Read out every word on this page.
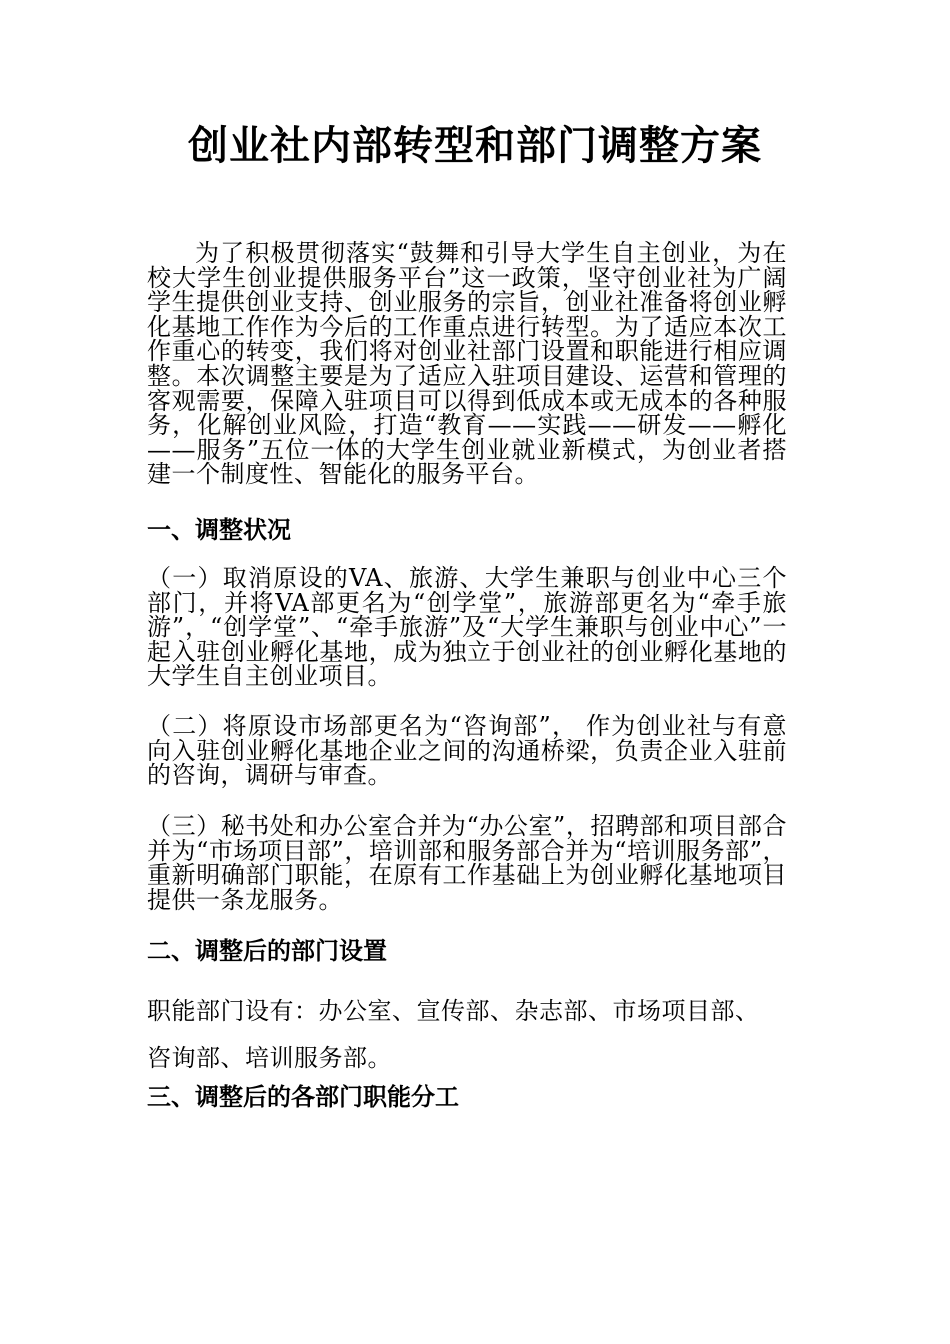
创业社内部转型和部门调整方案
为了积极贯彻落实“鼓舞和引导大学生自主创业，为在校大学生创业提供服务平台”这一政策，坚守创业社为广阔学生提供创业支持、创业服务的宗旨，创业社准备将创业孵化基地工作作为今后的工作重点进行转型。为了适应本次工作重心的转变，我们将对创业社部门设置和职能进行相应调整。本次调整主要是为了适应入驻项目建设、运营和管理的客观需要，保障入驻项目可以得到低成本或无成本的各种服务，化解创业风险，打造“教育——实践——研发——孵化——服务”五位一体的大学生创业就业新模式，为创业者搭建一个制度性、智能化的服务平台。
一、调整状况
（一）取消原设的VA、旅游、大学生兼职与创业中心三个部门，并将VA部更名为“创学堂”，旅游部更名为“牵手旅游”，“创学堂”、“牵手旅游”及“大学生兼职与创业中心”一起入驻创业孵化基地，成为独立于创业社的创业孵化基地的大学生自主创业项目。
（二）将原设市场部更名为“咨询部”， 作为创业社与有意向入驻创业孵化基地企业之间的沟通桥梁，负责企业入驻前的咨询，调研与审查。
（三）秘书处和办公室合并为“办公室”，招聘部和项目部合并为“市场项目部”，培训部和服务部合并为“培训服务部”，重新明确部门职能，在原有工作基础上为创业孵化基地项目提供一条龙服务。
二、调整后的部门设置
职能部门设有：办公室、宣传部、杂志部、市场项目部、
咨询部、培训服务部。
三、调整后的各部门职能分工
